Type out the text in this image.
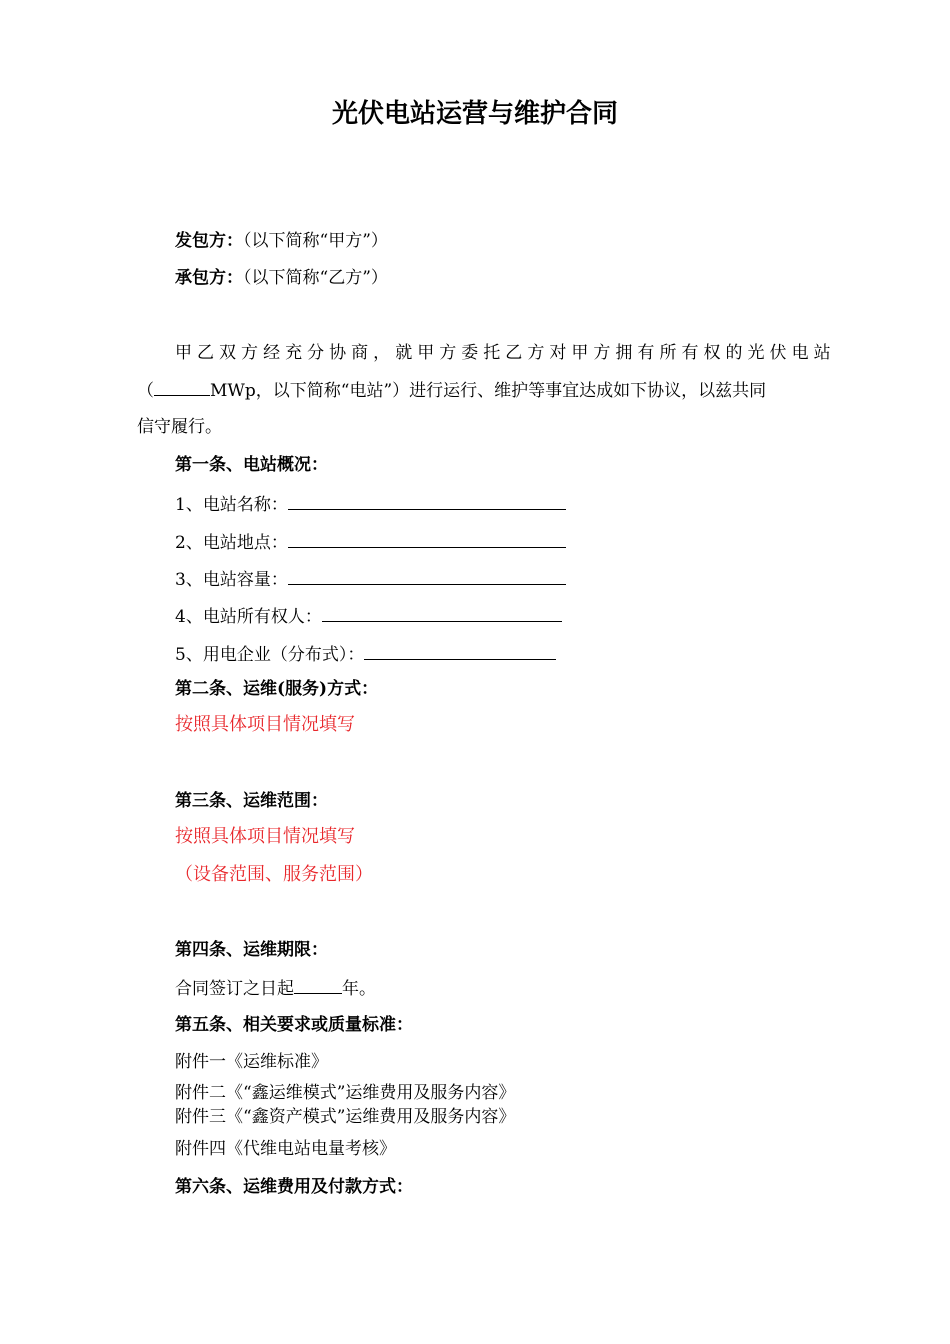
光伏电站运营与维护合同
发包方：（以下简称“甲方”）
承包方：（以下简称“乙方”）
甲乙双方经充分协商，就甲方委托乙方对甲方拥有所有权的光伏电站
（	MWp，以下简称“电站”）进行运行、维护等事宜达成如下协议，以兹共同
信守履行。
第一条、电站概况：
1、电站名称：
2、电站地点：
3、电站容量：
4、电站所有权人：
5、用电企业（分布式）：
第二条、运维(服务)方式：
按照具体项目情况填写
第三条、运维范围：
按照具体项目情况填写
（设备范围、服务范围）
第四条、运维期限：
合同签订之日起	年。
第五条、相关要求或质量标准：
附件一《运维标准》
附件二《“鑫运维模式”运维费用及服务内容》
附件三《“鑫资产模式”运维费用及服务内容》
附件四《代维电站电量考核》
第六条、运维费用及付款方式：
